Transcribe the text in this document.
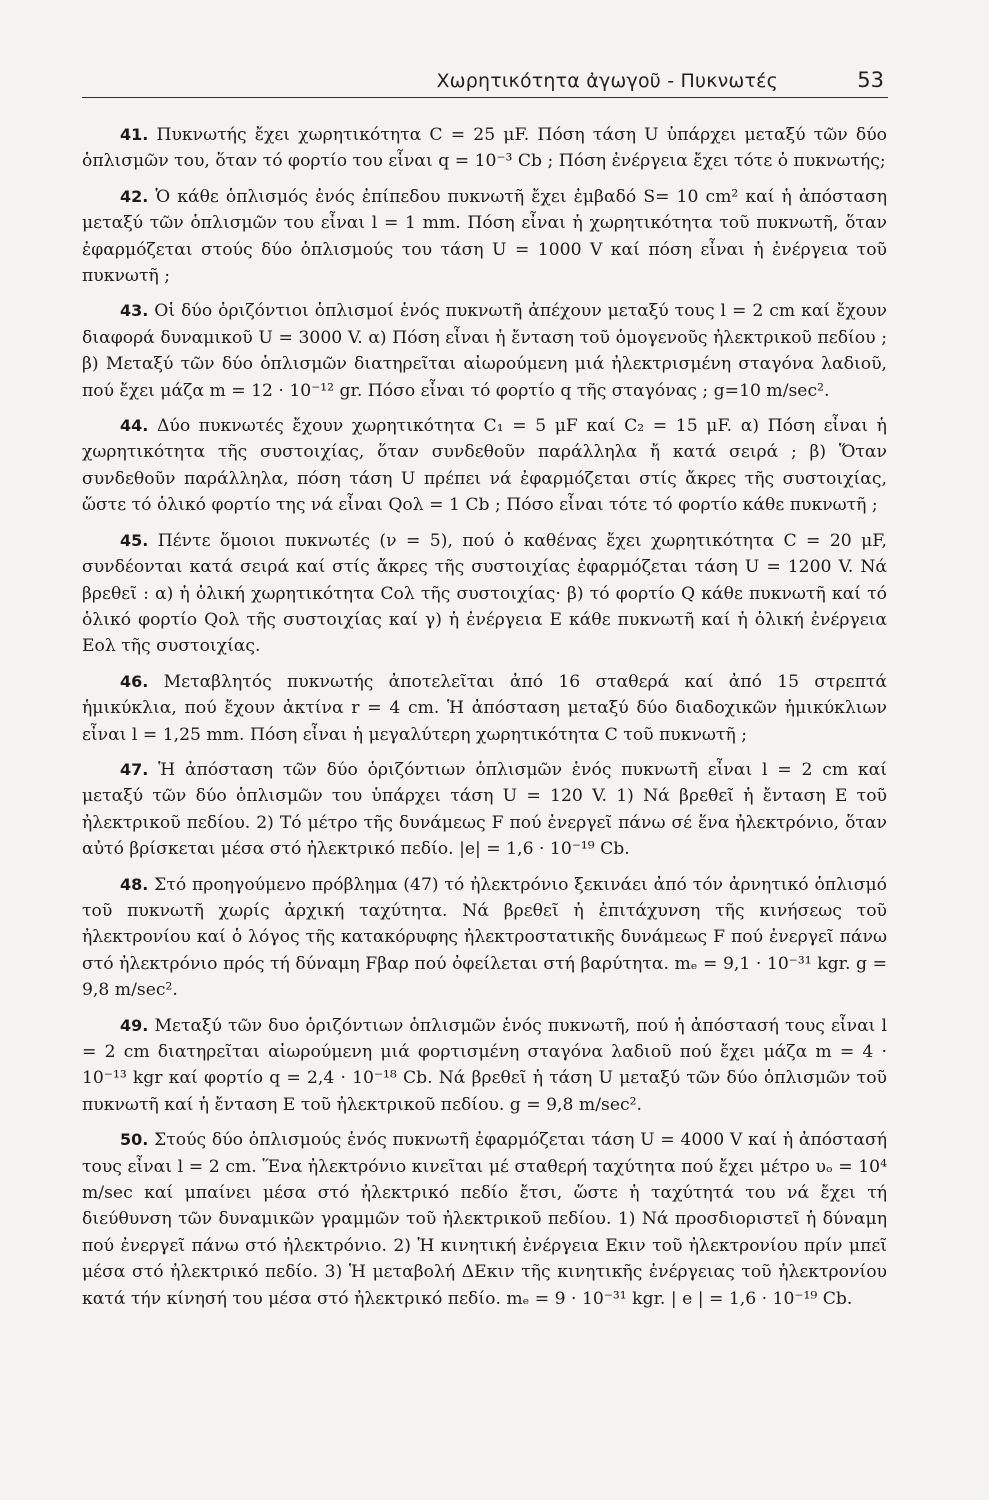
Χωρητικότητα ἀγωγοῦ - Πυκνωτές	53

41. Πυκνωτής ἔχει χωρητικότητα C = 25 μF. Πόση τάση U ὑπάρχει μεταξύ τῶν δύο ὁπλισμῶν του, ὅταν τό φορτίο του εἶναι q = 10⁻³ Cb ; Πόση ἐνέργεια ἔχει τότε ὁ πυκνωτής;

42. Ὁ κάθε ὁπλισμός ἑνός ἐπίπεδου πυκνωτῆ ἔχει ἐμβαδό S= 10 cm² καί ἡ ἀπόσταση μεταξύ τῶν ὁπλισμῶν του εἶναι l = 1 mm. Πόση εἶναι ἡ χωρητικότητα τοῦ πυκνωτῆ, ὅταν ἐφαρμόζεται στούς δύο ὁπλισμούς του τάση U = 1000 V καί πόση εἶναι ἡ ἐνέργεια τοῦ πυκνωτῆ ;

43. Οἱ δύο ὁριζόντιοι ὁπλισμοί ἑνός πυκνωτῆ ἀπέχουν μεταξύ τους l = 2 cm καί ἔχουν διαφορά δυναμικοῦ U = 3000 V. α) Πόση εἶναι ἡ ἔνταση τοῦ ὁμογενοῦς ἠλεκτρικοῦ πεδίου ; β) Μεταξύ τῶν δύο ὁπλισμῶν διατηρεῖται αἰωρούμενη μιά ἠλεκτρισμένη σταγόνα λαδιοῦ, πού ἔχει μάζα m = 12 · 10⁻¹² gr. Πόσο εἶναι τό φορτίο q τῆς σταγόνας ; g=10 m/sec².

44. Δύο πυκνωτές ἔχουν χωρητικότητα C₁ = 5 μF καί C₂ = 15 μF. α) Πόση εἶναι ἡ χωρητικότητα τῆς συστοιχίας, ὅταν συνδεθοῦν παράλληλα ἤ κατά σειρά ; β) Ὅταν συνδεθοῦν παράλληλα, πόση τάση U πρέπει νά ἐφαρμόζεται στίς ἄκρες τῆς συστοιχίας, ὥστε τό ὁλικό φορτίο της νά εἶναι Qολ = 1 Cb ; Πόσο εἶναι τότε τό φορτίο κάθε πυκνωτῆ ;

45. Πέντε ὅμοιοι πυκνωτές (ν = 5), πού ὁ καθένας ἔχει χωρητικότητα C = 20 μF, συνδέονται κατά σειρά καί στίς ἄκρες τῆς συστοιχίας ἐφαρμόζεται τάση U = 1200 V. Νά βρεθεῖ : α) ἡ ὁλική χωρητικότητα Cολ τῆς συστοιχίας· β) τό φορτίο Q κάθε πυκνωτῆ καί τό ὁλικό φορτίο Qολ τῆς συστοιχίας καί γ) ἡ ἐνέργεια E κάθε πυκνωτῆ καί ἡ ὁλική ἐνέργεια Eολ τῆς συστοιχίας.

46. Μεταβλητός πυκνωτής ἀποτελεῖται ἀπό 16 σταθερά καί ἀπό 15 στρεπτά ἡμικύκλια, πού ἔχουν ἀκτίνα r = 4 cm. Ἡ ἀπόσταση μεταξύ δύο διαδοχικῶν ἡμικύκλιων εἶναι l = 1,25 mm. Πόση εἶναι ἡ μεγαλύτερη χωρητικότητα C τοῦ πυκνωτῆ ;

47. Ἡ ἀπόσταση τῶν δύο ὁριζόντιων ὁπλισμῶν ἑνός πυκνωτῆ εἶναι l = 2 cm καί μεταξύ τῶν δύο ὁπλισμῶν του ὑπάρχει τάση U = 120 V. 1) Νά βρεθεῖ ἡ ἔνταση E τοῦ ἠλεκτρικοῦ πεδίου. 2) Τό μέτρο τῆς δυνάμεως F πού ἐνεργεῖ πάνω σέ ἕνα ἠλεκτρόνιο, ὅταν αὐτό βρίσκεται μέσα στό ἠλεκτρικό πεδίο. |e| = 1,6 · 10⁻¹⁹ Cb.

48. Στό προηγούμενο πρόβλημα (47) τό ἠλεκτρόνιο ξεκινάει ἀπό τόν ἀρνητικό ὁπλισμό τοῦ πυκνωτῆ χωρίς ἀρχική ταχύτητα. Νά βρεθεῖ ἡ ἐπιτάχυνση τῆς κινήσεως τοῦ ἠλεκτρονίου καί ὁ λόγος τῆς κατακόρυφης ἠλεκτροστατικῆς δυνάμεως F πού ἐνεργεῖ πάνω στό ἠλεκτρόνιο πρός τή δύναμη Fβαρ πού ὀφείλεται στή βαρύτητα. mₑ = 9,1 · 10⁻³¹ kgr. g = 9,8 m/sec².

49. Μεταξύ τῶν δυο ὁριζόντιων ὁπλισμῶν ἑνός πυκνωτῆ, πού ἡ ἀπόστασή τους εἶναι l = 2 cm διατηρεῖται αἰωρούμενη μιά φορτισμένη σταγόνα λαδιοῦ πού ἔχει μάζα m = 4 · 10⁻¹³ kgr καί φορτίο q = 2,4 · 10⁻¹⁸ Cb. Νά βρεθεῖ ἡ τάση U μεταξύ τῶν δύο ὁπλισμῶν τοῦ πυκνωτῆ καί ἡ ἔνταση E τοῦ ἠλεκτρικοῦ πεδίου. g = 9,8 m/sec².

50. Στούς δύο ὁπλισμούς ἑνός πυκνωτῆ ἐφαρμόζεται τάση U = 4000 V καί ἡ ἀπόστασή τους εἶναι l = 2 cm. Ἕνα ἠλεκτρόνιο κινεῖται μέ σταθερή ταχύτητα πού ἔχει μέτρο υₒ = 10⁴ m/sec καί μπαίνει μέσα στό ἠλεκτρικό πεδίο ἔτσι, ὥστε ἡ ταχύτητά του νά ἔχει τή διεύθυνση τῶν δυναμικῶν γραμμῶν τοῦ ἠλεκτρικοῦ πεδίου. 1) Νά προσδιοριστεῖ ἡ δύναμη πού ἐνεργεῖ πάνω στό ἠλεκτρόνιο. 2) Ἡ κινητική ἐνέργεια Eκιν τοῦ ἠλεκτρονίου πρίν μπεῖ μέσα στό ἠλεκτρικό πεδίο. 3) Ἡ μεταβολή ΔEκιν τῆς κινητικῆς ἐνέργειας τοῦ ἠλεκτρονίου κατά τήν κίνησή του μέσα στό ἠλεκτρικό πεδίο. mₑ = 9 · 10⁻³¹ kgr. | e | = 1,6 · 10⁻¹⁹ Cb.
